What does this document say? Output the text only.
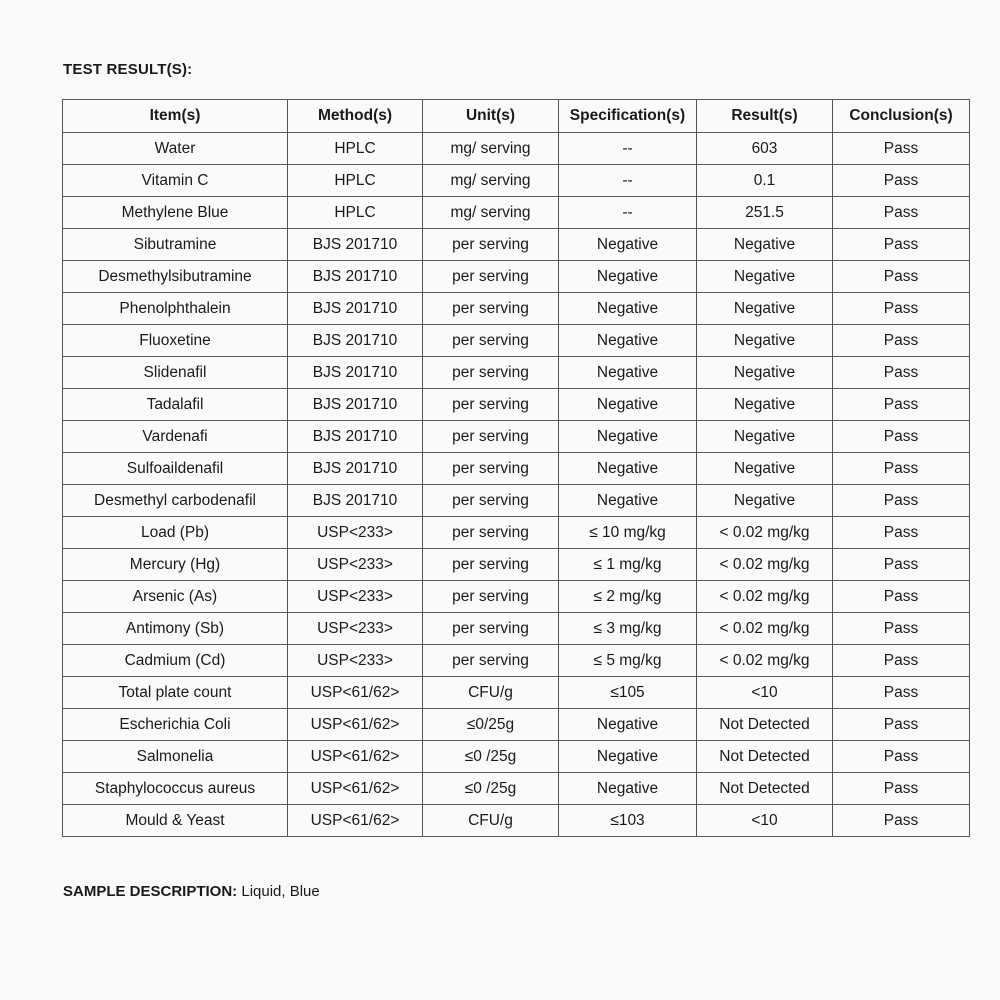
TEST RESULT(S):
Item(s)	Method(s)	Unit(s)	Specification(s)	Result(s)	Conclusion(s)
Water	HPLC	mg/ serving	--	603	Pass
Vitamin C	HPLC	mg/ serving	--	0.1	Pass
Methylene Blue	HPLC	mg/ serving	--	251.5	Pass
Sibutramine	BJS 201710	per serving	Negative	Negative	Pass
Desmethylsibutramine	BJS 201710	per serving	Negative	Negative	Pass
Phenolphthalein	BJS 201710	per serving	Negative	Negative	Pass
Fluoxetine	BJS 201710	per serving	Negative	Negative	Pass
Slidenafil	BJS 201710	per serving	Negative	Negative	Pass
Tadalafil	BJS 201710	per serving	Negative	Negative	Pass
Vardenafi	BJS 201710	per serving	Negative	Negative	Pass
Sulfoaildenafil	BJS 201710	per serving	Negative	Negative	Pass
Desmethyl carbodenafil	BJS 201710	per serving	Negative	Negative	Pass
Load (Pb)	USP<233>	per serving	≤ 10 mg/kg	< 0.02 mg/kg	Pass
Mercury (Hg)	USP<233>	per serving	≤ 1 mg/kg	< 0.02 mg/kg	Pass
Arsenic (As)	USP<233>	per serving	≤ 2 mg/kg	< 0.02 mg/kg	Pass
Antimony (Sb)	USP<233>	per serving	≤ 3 mg/kg	< 0.02 mg/kg	Pass
Cadmium (Cd)	USP<233>	per serving	≤ 5 mg/kg	< 0.02 mg/kg	Pass
Total plate count	USP<61/62>	CFU/g	≤105	<10	Pass
Escherichia Coli	USP<61/62>	≤0/25g	Negative	Not Detected	Pass
Salmonelia	USP<61/62>	≤0 /25g	Negative	Not Detected	Pass
Staphylococcus aureus	USP<61/62>	≤0 /25g	Negative	Not Detected	Pass
Mould & Yeast	USP<61/62>	CFU/g	≤103	<10	Pass
SAMPLE DESCRIPTION: Liquid, Blue
